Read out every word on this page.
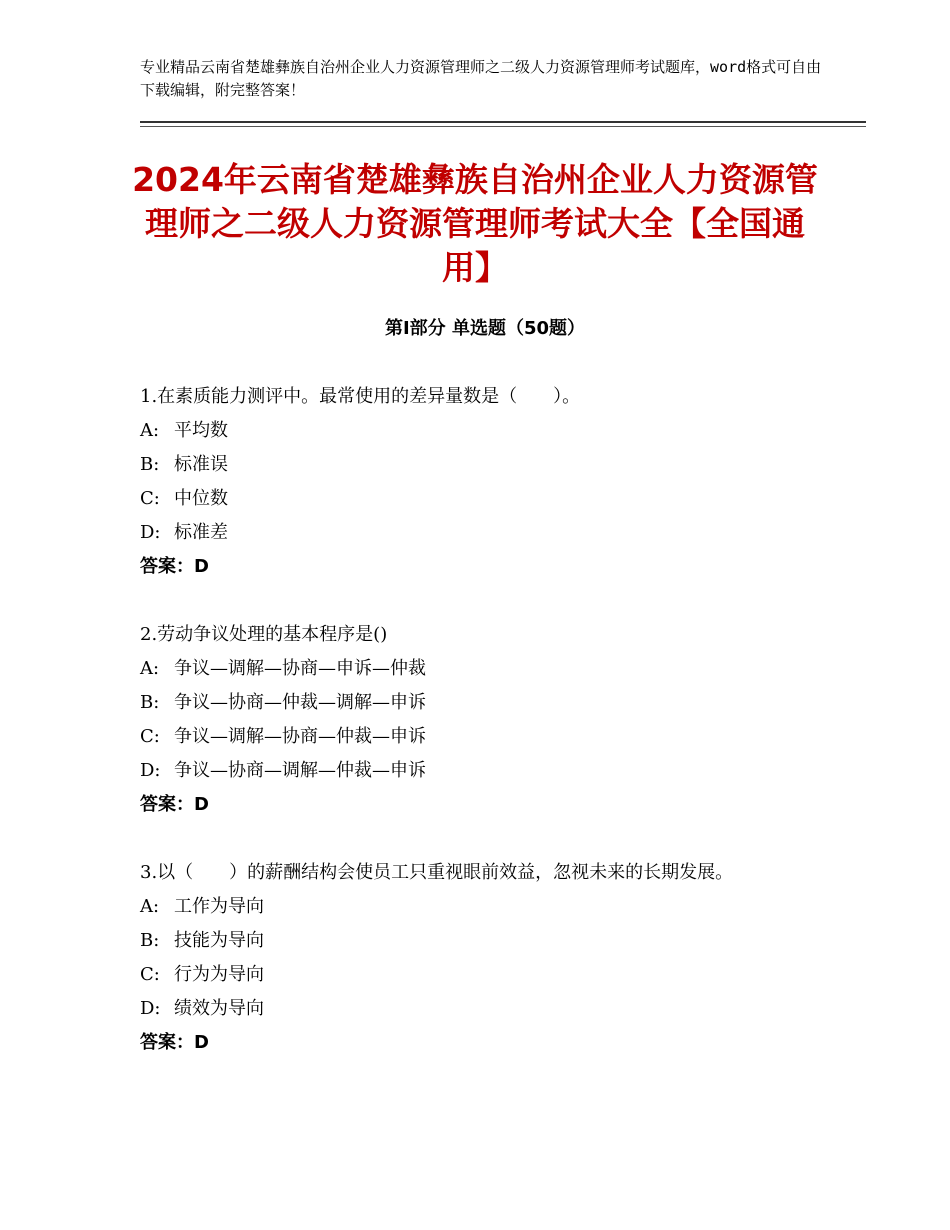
专业精品云南省楚雄彝族自治州企业人力资源管理师之二级人力资源管理师考试题库，word格式可自由下载编辑，附完整答案！
2024年云南省楚雄彝族自治州企业人力资源管理师之二级人力资源管理师考试大全【全国通用】
第Ⅰ部分 单选题（50题）
1.在素质能力测评中。最常使用的差异量数是（　　）。
A: 平均数
B: 标准误
C: 中位数
D: 标准差
答案：D
2.劳动争议处理的基本程序是()
A: 争议—调解—协商—申诉—仲裁
B: 争议—协商—仲裁—调解—申诉
C: 争议—调解—协商—仲裁—申诉
D: 争议—协商—调解—仲裁—申诉
答案：D
3.以（　　）的薪酬结构会使员工只重视眼前效益，忽视未来的长期发展。
A: 工作为导向
B: 技能为导向
C: 行为为导向
D: 绩效为导向
答案：D
